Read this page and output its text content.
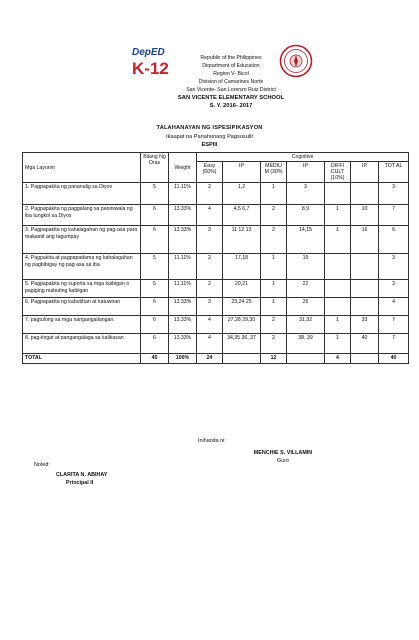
DepED
K-12
Republic of the Philippines
Department of Education
Region V- Bicol
Division of Camarines Norte
San Vicente- San Lorenzo Ruiz District
SAN VICENTE ELEMENTARY SCHOOL
S. Y. 2016- 2017
TALAHANAYAN NG ISPESIPIKASYON
Ikaapat na Panahunang Pagsusulit
ESPIII
Mga Layunin	Bilang Ng Oras	Weight	Cognitive						
			Easy (60%)	IP	MEDIU M (30%	IP	DIFFI CULT (10%)	IP	TOT AL
1. Pagpapakita ng pananalig sa Diyos	5	11.11%	2	1,2	1	3			3
2. Pagpapakita ng paggalang sa paniniwala ng iba tungkol sa Diyos	6	13.33%	4	4,5 6,7	2	8,9	1	10	7
3. Pagpapakita ng kahalagahan ng pag-asa para makamit ang tagumpay	6	13.33%	3	11 12 13	2	14,15	1	16	6
4. Pagpakita at pagpapadama ng kahalagahan ng pagbibigay ng pag asa sa iba	5	11.11%	2	17,18	1	19			3
5. Pagpapakita ng suporta sa mga kaibigan o pagiging mabuting kaibigan	5	11.11%	2	20,21	1	22			3
6. Pagpapakita ng kabutihan at katuwiran	6	13.33%	3	23,24 25	1	26			4
7. pagtulong sa mga nangangailangan.	6	13.33%	4	27,28 29,30	2	31,32	1	33	7
8. pag-iingat at pangangalaga sa kalikasan	6	13.33%	4	34,35 36, 37	2	38, 39	1	40	7
TOTAL	45	100%	24		12		4		40
Inihanda ni:
MENCHIE S. VILLAMIN
Guro
Noted:
CLARITA N. ABIHAY
Principal II
